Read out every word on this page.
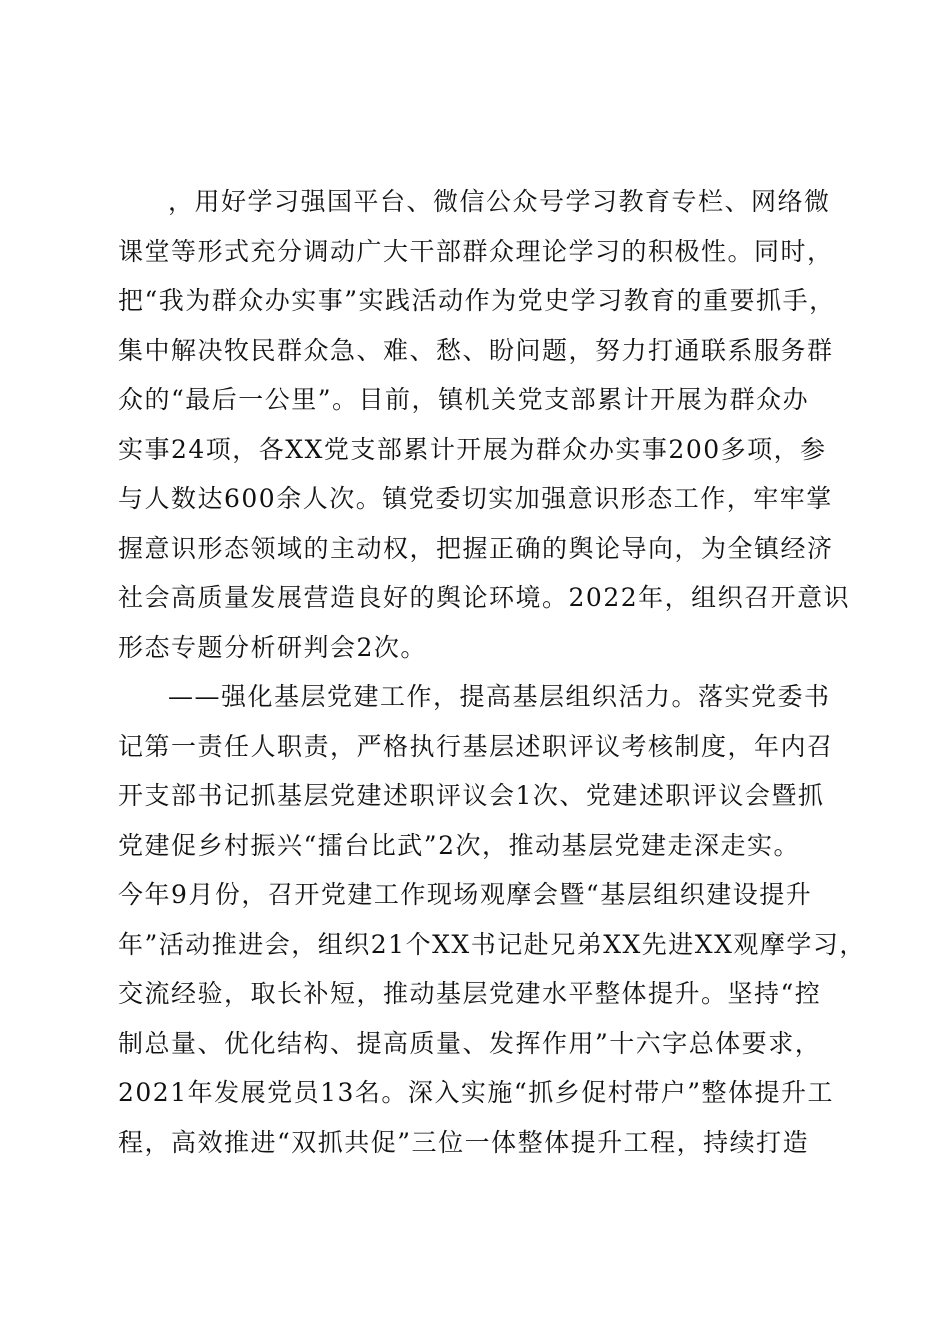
，用好学习强国平台、微信公众号学习教育专栏、网络微
课堂等形式充分调动广大干部群众理论学习的积极性。同时，
把“我为群众办实事”实践活动作为党史学习教育的重要抓手，
集中解决牧民群众急、难、愁、盼问题，努力打通联系服务群
众的“最后一公里”。目前，镇机关党支部累计开展为群众办
实事24项，各XX党支部累计开展为群众办实事200多项，参
与人数达600余人次。镇党委切实加强意识形态工作，牢牢掌
握意识形态领域的主动权，把握正确的舆论导向，为全镇经济
社会高质量发展营造良好的舆论环境。2022年，组织召开意识
形态专题分析研判会2次。
——强化基层党建工作，提高基层组织活力。落实党委书
记第一责任人职责，严格执行基层述职评议考核制度，年内召
开支部书记抓基层党建述职评议会1次、党建述职评议会暨抓
党建促乡村振兴“擂台比武”2次，推动基层党建走深走实。
今年9月份，召开党建工作现场观摩会暨“基层组织建设提升
年”活动推进会，组织21个XX书记赴兄弟XX先进XX观摩学习，
交流经验，取长补短，推动基层党建水平整体提升。坚持“控
制总量、优化结构、提高质量、发挥作用”十六字总体要求，
2021年发展党员13名。深入实施“抓乡促村带户”整体提升工
程，高效推进“双抓共促”三位一体整体提升工程，持续打造
